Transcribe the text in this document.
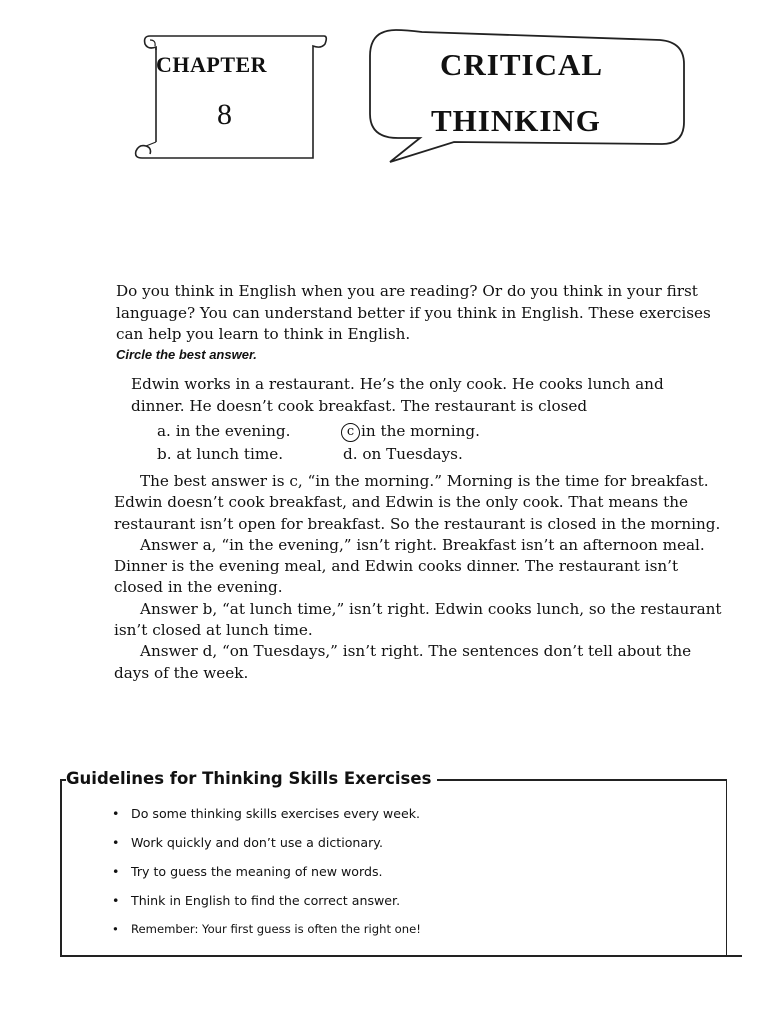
CHAPTER
8
CRITICAL
THINKING
Do you think in English when you are reading? Or do you think in your first language? You can understand better if you think in English. These exercises can help you learn to think in English.
Circle the best answer.
Edwin works in a restaurant. He’s the only cook. He cooks lunch and dinner. He doesn’t cook breakfast. The restaurant is closed
a. in the evening.
b. at lunch time.
c in the morning.
d. on Tuesdays.

The best answer is c, “in the morning.” Morning is the time for breakfast. Edwin doesn’t cook breakfast, and Edwin is the only cook. That means the restaurant isn’t open for breakfast. So the restaurant is closed in the morning.

Answer a, “in the evening,” isn’t right. Breakfast isn’t an afternoon meal. Dinner is the evening meal, and Edwin cooks dinner. The restaurant isn’t closed in the evening.

Answer b, “at lunch time,” isn’t right. Edwin cooks lunch, so the restaurant isn’t closed at lunch time.

Answer d, “on Tuesdays,” isn’t right. The sentences don’t tell about the days of the week.

Guidelines for Thinking Skills Exercises
• Do some thinking skills exercises every week.
• Work quickly and don’t use a dictionary.
• Try to guess the meaning of new words.
• Think in English to find the correct answer.
• Remember: Your first guess is often the right one!
